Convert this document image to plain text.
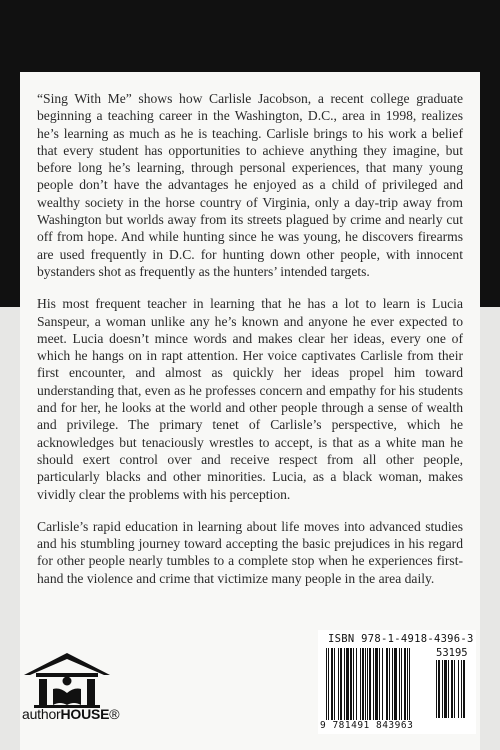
“Sing With Me” shows how Carlisle Jacobson, a recent college graduate beginning a teaching career in the Washington, D.C., area in 1998, realizes he’s learning as much as he is teaching. Carlisle brings to his work a belief that every student has opportunities to achieve anything they imagine, but before long he’s learning, through personal experiences, that many young people don’t have the advantages he enjoyed as a child of privileged and wealthy society in the horse country of Virginia, only a day-trip away from Washington but worlds away from its streets plagued by crime and nearly cut off from hope. And while hunting since he was young, he discovers firearms are used frequently in D.C. for hunting down other people, with innocent bystanders shot as frequently as the hunters’ intended targets.

His most frequent teacher in learning that he has a lot to learn is Lucia Sanspeur, a woman unlike any he’s known and anyone he ever expected to meet. Lucia doesn’t mince words and makes clear her ideas, every one of which he hangs on in rapt attention. Her voice captivates Carlisle from their first encounter, and almost as quickly her ideas propel him toward understanding that, even as he professes concern and empathy for his students and for her, he looks at the world and other people through a sense of wealth and privilege. The primary tenet of Carlisle’s perspective, which he acknowledges but tenaciously wrestles to accept, is that as a white man he should exert control over and receive respect from all other people, particularly blacks and other minorities. Lucia, as a black woman, makes vividly clear the problems with his perception.

Carlisle’s rapid education in learning about life moves into advanced studies and his stumbling journey toward accepting the basic prejudices in his regard for other people nearly tumbles to a complete stop when he experiences first-hand the violence and crime that victimize many people in the area daily.

authorHOUSE®
ISBN 978-1-4918-4396-3
53195
9 781491 843963
